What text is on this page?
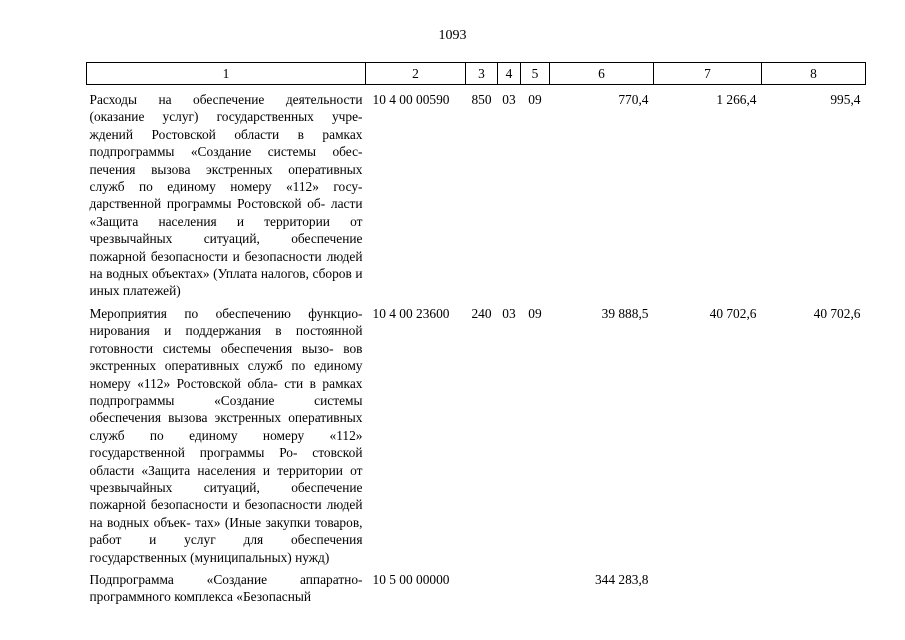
1093
1	2	3	4	5	6	7	8
Расходы на обеспечение деятельности (оказание услуг) государственных учре- ждений Ростовской области в рамках подпрограммы «Создание системы обес- печения вызова экстренных оперативных служб по единому номеру «112» госу- дарственной программы Ростовской об- ласти «Защита населения и территории от чрезвычайных ситуаций, обеспечение пожарной безопасности и безопасности людей на водных объектах» (Уплата налогов, сборов и иных платежей)	10 4 00 00590	850	03	09	770,4	1 266,4	995,4
Мероприятия по обеспечению функцио- нирования и поддержания в постоянной готовности системы обеспечения вызо- вов экстренных оперативных служб по единому номеру «112» Ростовской обла- сти в рамках подпрограммы «Создание системы обеспечения вызова экстренных оперативных служб по единому номеру «112» государственной программы Ро- стовской области «Защита населения и территории от чрезвычайных ситуаций, обеспечение пожарной безопасности и безопасности людей на водных объек- тах» (Иные закупки товаров, работ и услуг для обеспечения государственных (муниципальных) нужд)	10 4 00 23600	240	03	09	39 888,5	40 702,6	40 702,6
Подпрограмма «Создание аппаратно- программного комплекса «Безопасный	10 5 00 00000				344 283,8		
